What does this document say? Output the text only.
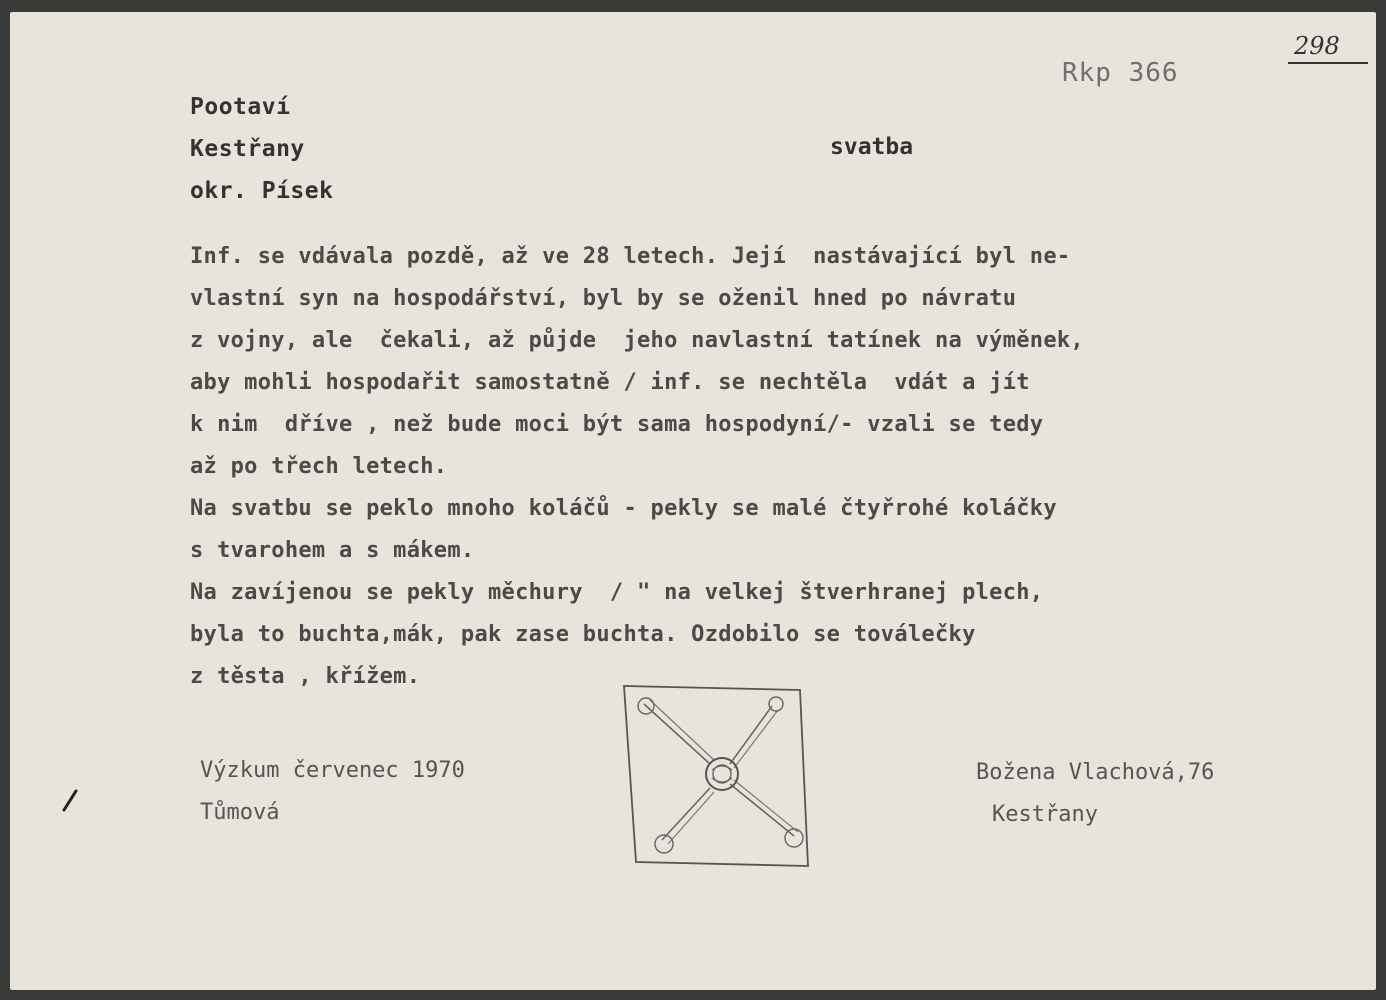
298
Rkp 366
Pootaví
Kestřany
okr. Písek
svatba
Inf. se vdávala pozdě, až ve 28 letech. Její  nastávající byl ne-
vlastní syn na hospodářství, byl by se oženil hned po návratu
z vojny, ale  čekali, až půjde  jeho navlastní tatínek na výměnek,
aby mohli hospodařit samostatně / inf. se nechtěla  vdát a jít
k nim  dříve , než bude moci být sama hospodyní/- vzali se tedy
až po třech letech.
Na svatbu se peklo mnoho koláčů - pekly se malé čtyřrohé koláčky
s tvarohem a s mákem.
Na zavíjenou se pekly měchury  / " na velkej štverhranej plech,
byla to buchta,mák, pak zase buchta. Ozdobilo se toválečky
z těsta , křížem.
Výzkum červenec 1970
Tůmová
Božena Vlachová,76
Kestřany
